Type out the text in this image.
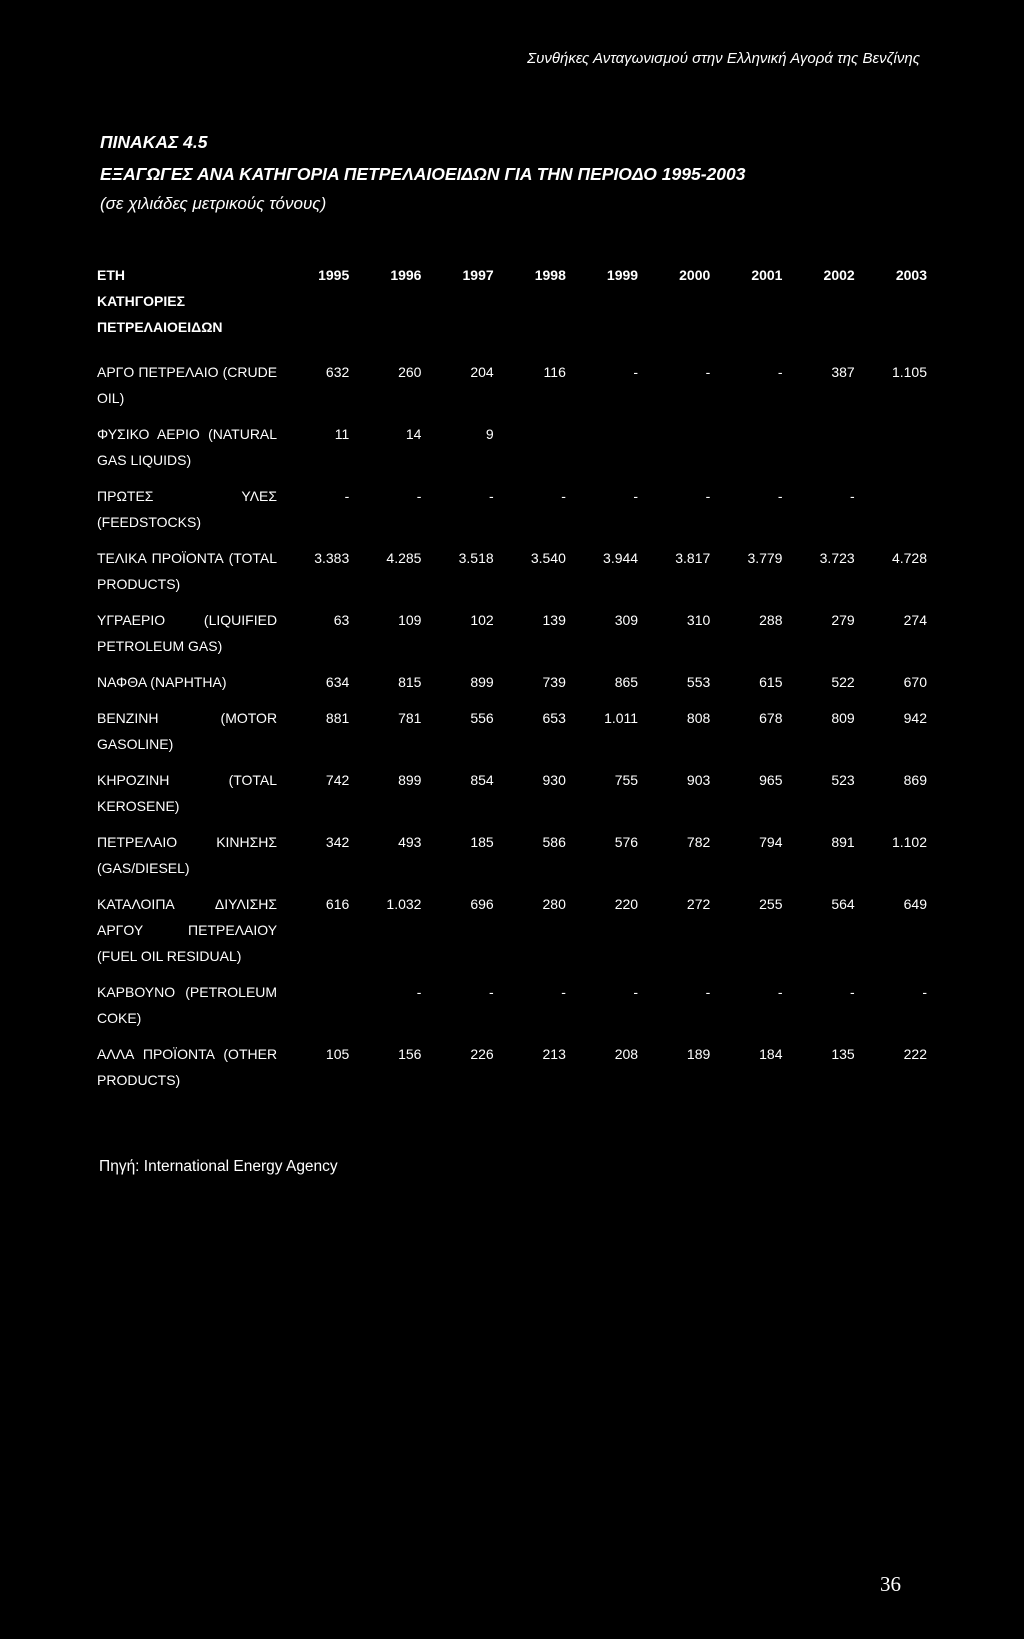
Συνθήκες Ανταγωνισμού στην Ελληνική Αγορά της Βενζίνης
ΠΙΝΑΚΑΣ 4.5
ΕΞΑΓΩΓΕΣ ΑΝΑ ΚΑΤΗΓΟΡΙΑ ΠΕΤΡΕΛΑΙΟΕΙΔΩΝ ΓΙΑ ΤΗΝ ΠΕΡΙΟΔΟ 1995-2003
(σε χιλιάδες μετρικούς τόνους)
ΕΤΗ
ΚΑΤΗΓΟΡΙΕΣ
ΠΕΤΡΕΛΑΙΟΕΙΔΩΝ	1995	1996	1997	1998	1999	2000	2001	2002	2003
ΑΡΓΟ ΠΕΤΡΕΛΑΙΟ (CRUDE OIL)	632	260	204	116	-	-	-	387	1.105
ΦΥΣΙΚΟ ΑΕΡΙΟ (NATURAL GAS LIQUIDS)	11	14	9						
ΠΡΩΤΕΣ ΥΛΕΣ (FEEDSTOCKS)	-	-	-	-	-	-	-	-	
ΤΕΛΙΚΑ ΠΡΟΪΟΝΤΑ (TOTAL PRODUCTS)	3.383	4.285	3.518	3.540	3.944	3.817	3.779	3.723	4.728
ΥΓΡΑΕΡΙΟ (LIQUIFIED PETROLEUM GAS)	63	109	102	139	309	310	288	279	274
ΝΑΦΘΑ (NAPHTHA)	634	815	899	739	865	553	615	522	670
ΒΕΝΖΙΝΗ (MOTOR GASOLINE)	881	781	556	653	1.011	808	678	809	942
ΚΗΡΟΖΙΝΗ (TOTAL KEROSENE)	742	899	854	930	755	903	965	523	869
ΠΕΤΡΕΛΑΙΟ ΚΙΝΗΣΗΣ (GAS/DIESEL)	342	493	185	586	576	782	794	891	1.102
ΚΑΤΑΛΟΙΠΑ ΔΙΥΛΙΣΗΣ ΑΡΓΟΥ ΠΕΤΡΕΛΑΙΟΥ (FUEL OIL RESIDUAL)	616	1.032	696	280	220	272	255	564	649
ΚΑΡΒΟΥΝΟ (PETROLEUM COKE)		-	-	-	-	-	-	-	-
ΑΛΛΑ ΠΡΟΪΟΝΤΑ (OTHER PRODUCTS)	105	156	226	213	208	189	184	135	222
Πηγή: International Energy Agency
36
